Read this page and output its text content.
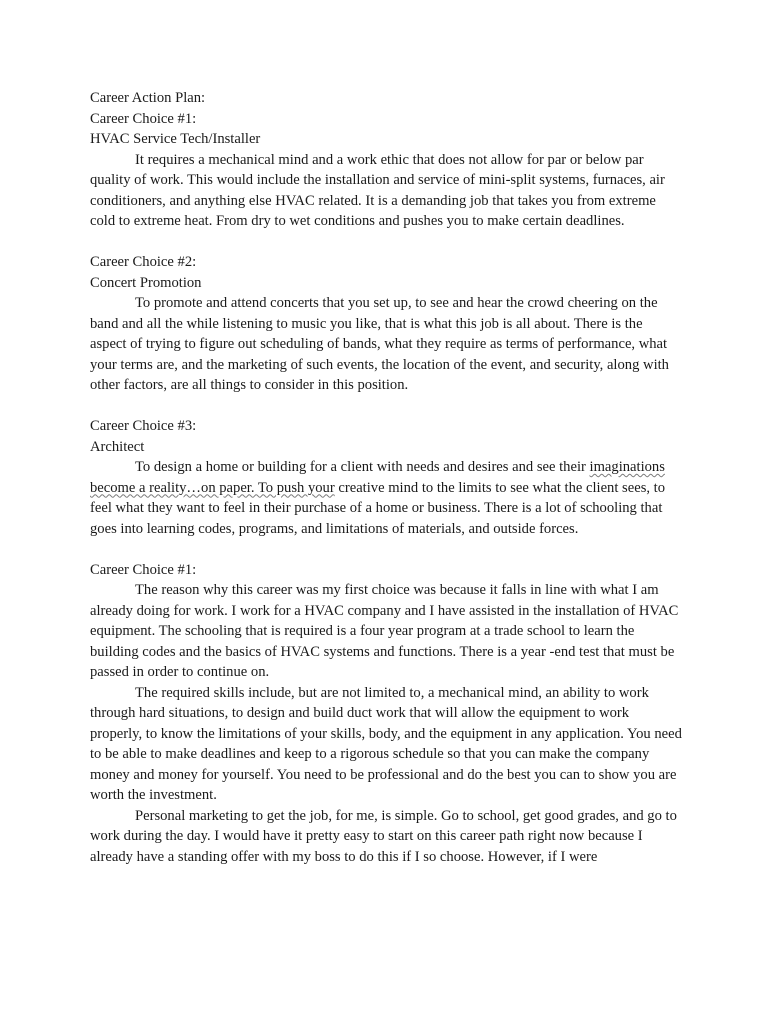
Career Action Plan:

Career Choice #1:

HVAC Service Tech/Installer

It requires a mechanical mind and a work ethic that does not allow for par or below par quality of work. This would include the installation and service of mini-split systems, furnaces, air conditioners, and anything else HVAC related. It is a demanding job that takes you from extreme cold to extreme heat. From dry to wet conditions and pushes you to make certain deadlines.

Career Choice #2:

Concert Promotion

To promote and attend concerts that you set up, to see and hear the crowd cheering on the band and all the while listening to music you like, that is what this job is all about. There is the aspect of trying to figure out scheduling of bands, what they require as terms of performance, what your terms are, and the marketing of such events, the location of the event, and security, along with other factors, are all things to consider in this position.

Career Choice #3:

Architect

To design a home or building for a client with needs and desires and see their imaginations become a reality…on paper. To push your creative mind to the limits to see what the client sees, to feel what they want to feel in their purchase of a home or business. There is a lot of schooling that goes into learning codes, programs, and limitations of materials, and outside forces.

Career Choice #1:

The reason why this career was my first choice was because it falls in line with what I am already doing for work. I work for a HVAC company and I have assisted in the installation of HVAC equipment. The schooling that is required is a four year program at a trade school to learn the building codes and the basics of HVAC systems and functions. There is a year -end test that must be passed in order to continue on.

The required skills include, but are not limited to, a mechanical mind, an ability to work through hard situations, to design and build duct work that will allow the equipment to work properly, to know the limitations of your skills, body, and the equipment in any application. You need to be able to make deadlines and keep to a rigorous schedule so that you can make the company money and money for yourself. You need to be professional and do the best you can to show you are worth the investment.

Personal marketing to get the job, for me, is simple. Go to school, get good grades, and go to work during the day. I would have it pretty easy to start on this career path right now because I already have a standing offer with my boss to do this if I so choose. However, if I were
